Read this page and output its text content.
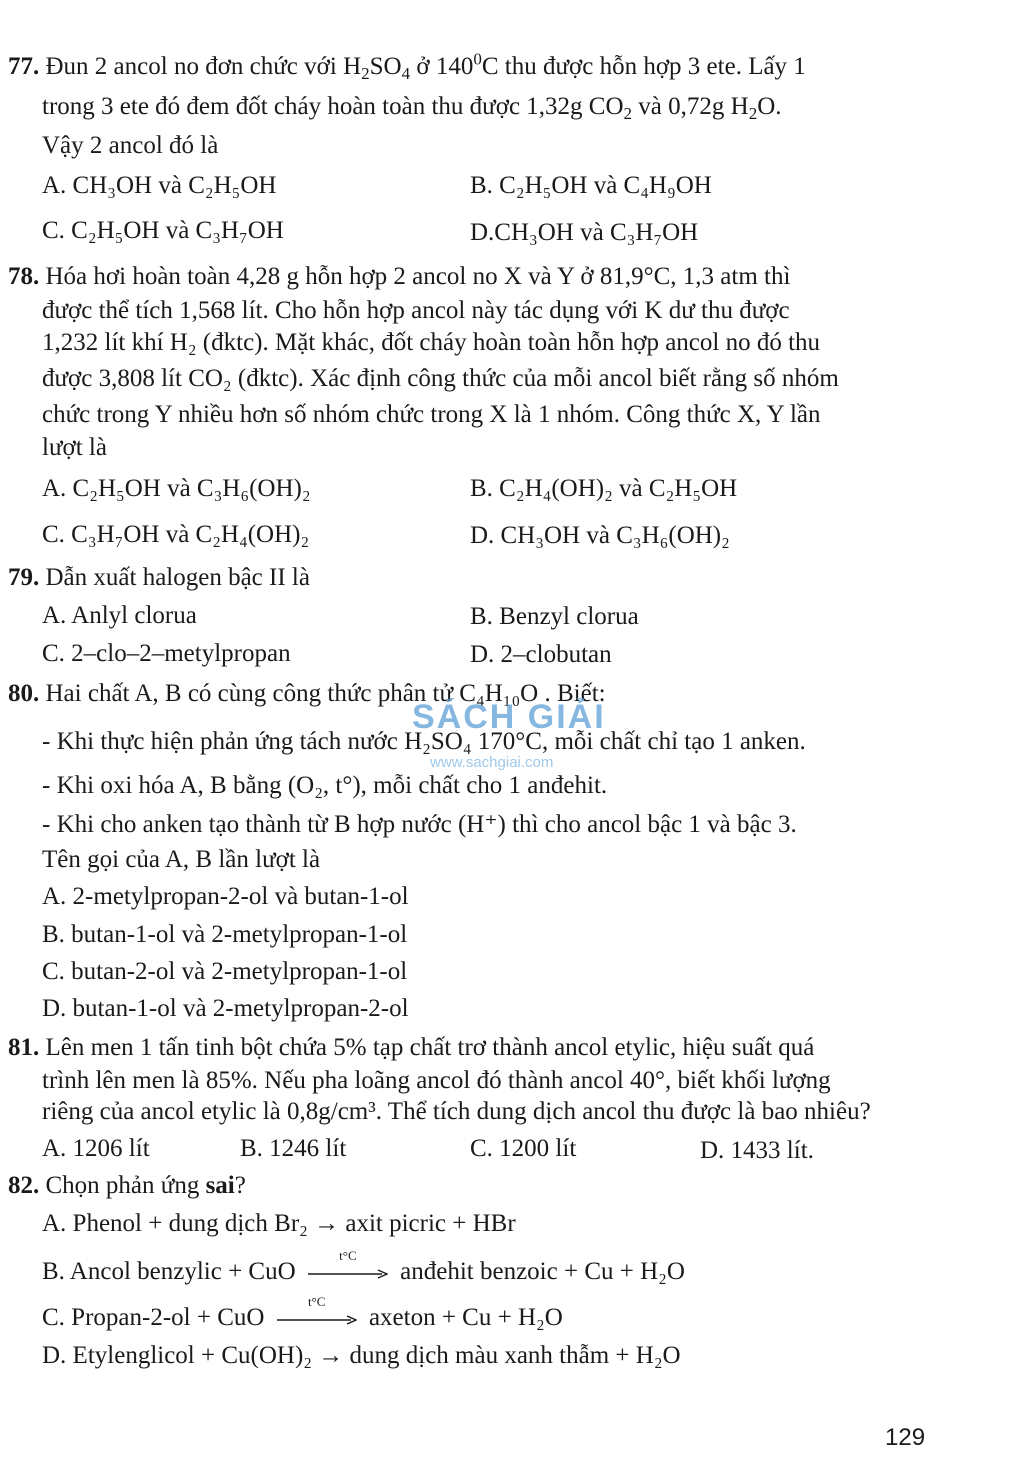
77. Đun 2 ancol no đơn chức với $H_2SO_4$ ở $140^0C$ thu được hỗn hợp 3 ete. Lấy 1
trong 3 ete đó đem đốt cháy hoàn toàn thu được 1,32g $CO_2$ và 0,72g $H_2O$.
Vậy 2 ancol đó là
A. CH₃OH và C₂H₅OH	B. C₂H₅OH và C₄H₉OH
C. C₂H₅OH và C₃H₇OH	D.CH₃OH và C₃H₇OH
78. Hóa hơi hoàn toàn 4,28 g hỗn hợp 2 ancol no X và Y ở 81,9°C, 1,3 atm thì
được thể tích 1,568 lít. Cho hỗn hợp ancol này tác dụng với K dư thu được
1,232 lít khí H₂ (đktc). Mặt khác, đốt cháy hoàn toàn hỗn hợp ancol no đó thu
được 3,808 lít CO₂ (đktc). Xác định công thức của mỗi ancol biết rằng số nhóm
chức trong Y nhiều hơn số nhóm chức trong X là 1 nhóm. Công thức X, Y lần
lượt là
A. C₂H₅OH và C₃H₆(OH)₂	B. C₂H₄(OH)₂ và C₂H₅OH
C. C₃H₇OH và C₂H₄(OH)₂	D. CH₃OH và C₃H₆(OH)₂
79. Dẫn xuất halogen bậc II là
A. Anlyl clorua	B. Benzyl clorua
C. 2–clo–2–metylpropan	D. 2–clobutan
80. Hai chất A, B có cùng công thức phân tử C₄H₁₀O . Biết:
- Khi thực hiện phản ứng tách nước H₂SO₄ 170°C, mỗi chất chỉ tạo 1 anken.
- Khi oxi hóa A, B bằng (O₂, t°), mỗi chất cho 1 anđehit.
- Khi cho anken tạo thành từ B hợp nước (H⁺) thì cho ancol bậc 1 và bậc 3.
Tên gọi của A, B lần lượt là
A. 2-metylpropan-2-ol và butan-1-ol
B. butan-1-ol và 2-metylpropan-1-ol
C. butan-2-ol và 2-metylpropan-1-ol
D. butan-1-ol và 2-metylpropan-2-ol
81. Lên men 1 tấn tinh bột chứa 5% tạp chất trơ thành ancol etylic, hiệu suất quá
trình lên men là 85%. Nếu pha loãng ancol đó thành ancol 40°, biết khối lượng
riêng của ancol etylic là 0,8g/cm³. Thể tích dung dịch ancol thu được là bao nhiêu?
A. 1206 lít	B. 1246 lít	C. 1200 lít	D. 1433 lít.
82. Chọn phản ứng sai?
A. Phenol + dung dịch Br₂ → axit picric + HBr
B. Ancol benzylic + CuO
t°C
anđehit benzoic + Cu + H₂O
C. Propan-2-ol + CuO
t°C
axeton + Cu + H₂O
D. Etylenglicol + Cu(OH)₂ → dung dịch màu xanh thẫm + H₂O
SÁCH GIẢI
www.sachgiai.com
129
